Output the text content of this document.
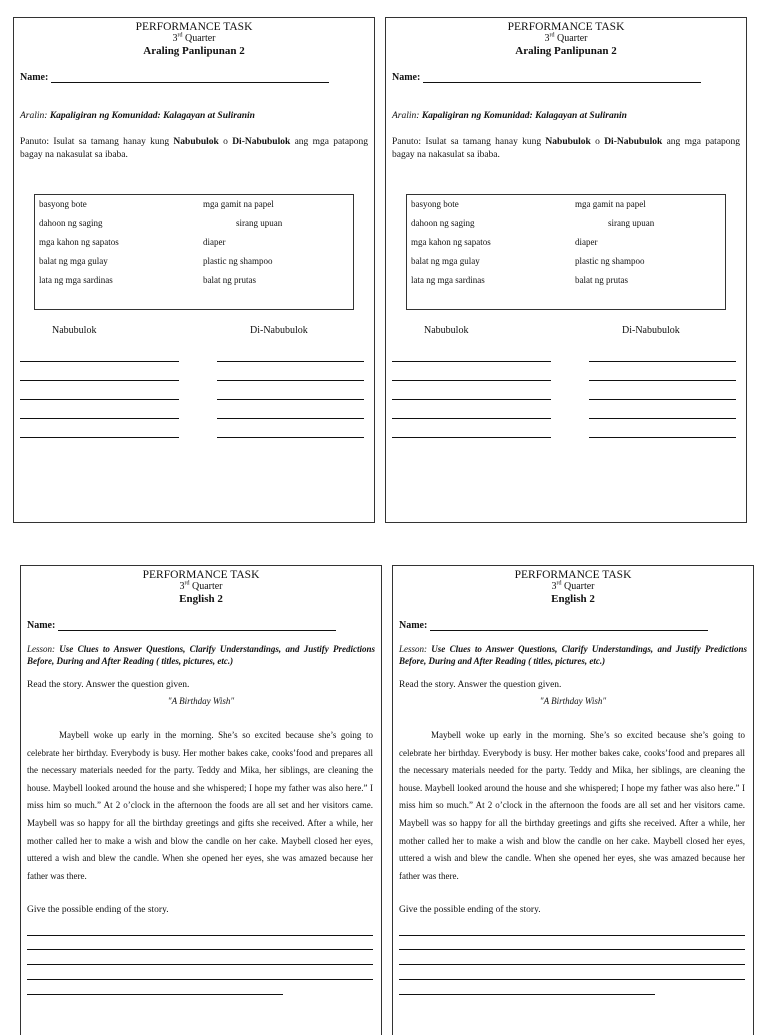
PERFORMANCE TASK
3rd Quarter
Araling Panlipunan 2
Name:
Aralin: Kapaligiran ng Komunidad: Kalagayan at Suliranin
Panuto: Isulat sa tamang hanay kung Nabubulok o Di-Nabubulok ang mga patapong bagay na nakasulat sa ibaba.
basyong bote
dahoon ng saging
mga kahon ng sapatos
balat ng mga gulay
lata ng mga sardinas
mga gamit na papel
sirang upuan
diaper
plastic ng shampoo
balat ng prutas
Nabubulok	Di-Nabubulok
PERFORMANCE TASK
3rd Quarter
Araling Panlipunan 2
Name:
Aralin: Kapaligiran ng Komunidad: Kalagayan at Suliranin
Panuto: Isulat sa tamang hanay kung Nabubulok o Di-Nabubulok ang mga patapong bagay na nakasulat sa ibaba.
basyong bote
dahoon ng saging
mga kahon ng sapatos
balat ng mga gulay
lata ng mga sardinas
mga gamit na papel
sirang upuan
diaper
plastic ng shampoo
balat ng prutas
Nabubulok	Di-Nabubulok
PERFORMANCE TASK
3rd Quarter
English 2
Name:
Lesson: Use Clues to Answer Questions, Clarify Understandings, and Justify Predictions Before, During and After Reading ( titles, pictures, etc.)
Read the story. Answer the question given.
"A Birthday Wish"
Maybell woke up early in the morning. She’s so excited because she’s going to celebrate her birthday. Everybody is busy. Her mother bakes cake, cooks’food and prepares all the necessary materials needed for the party. Teddy and Mika, her siblings, are cleaning the house. Maybell looked around the house and she whispered; I hope my father was also here.” I miss him so much.” At 2 o’clock in the afternoon the foods are all set and her visitors came. Maybell was so happy for all the birthday greetings and gifts she received. After a while, her mother called her to make a wish and blow the candle on her cake. Maybell closed her eyes, uttered a wish and blew the candle. When she opened her eyes, she was amazed because her father was there.
Give the possible ending of the story.
PERFORMANCE TASK
3rd Quarter
English 2
Name:
Lesson: Use Clues to Answer Questions, Clarify Understandings, and Justify Predictions Before, During and After Reading ( titles, pictures, etc.)
Read the story. Answer the question given.
"A Birthday Wish"
Maybell woke up early in the morning. She’s so excited because she’s going to celebrate her birthday. Everybody is busy. Her mother bakes cake, cooks’food and prepares all the necessary materials needed for the party. Teddy and Mika, her siblings, are cleaning the house. Maybell looked around the house and she whispered; I hope my father was also here.” I miss him so much.” At 2 o’clock in the afternoon the foods are all set and her visitors came. Maybell was so happy for all the birthday greetings and gifts she received. After a while, her mother called her to make a wish and blow the candle on her cake. Maybell closed her eyes, uttered a wish and blew the candle. When she opened her eyes, she was amazed because her father was there.
Give the possible ending of the story.
